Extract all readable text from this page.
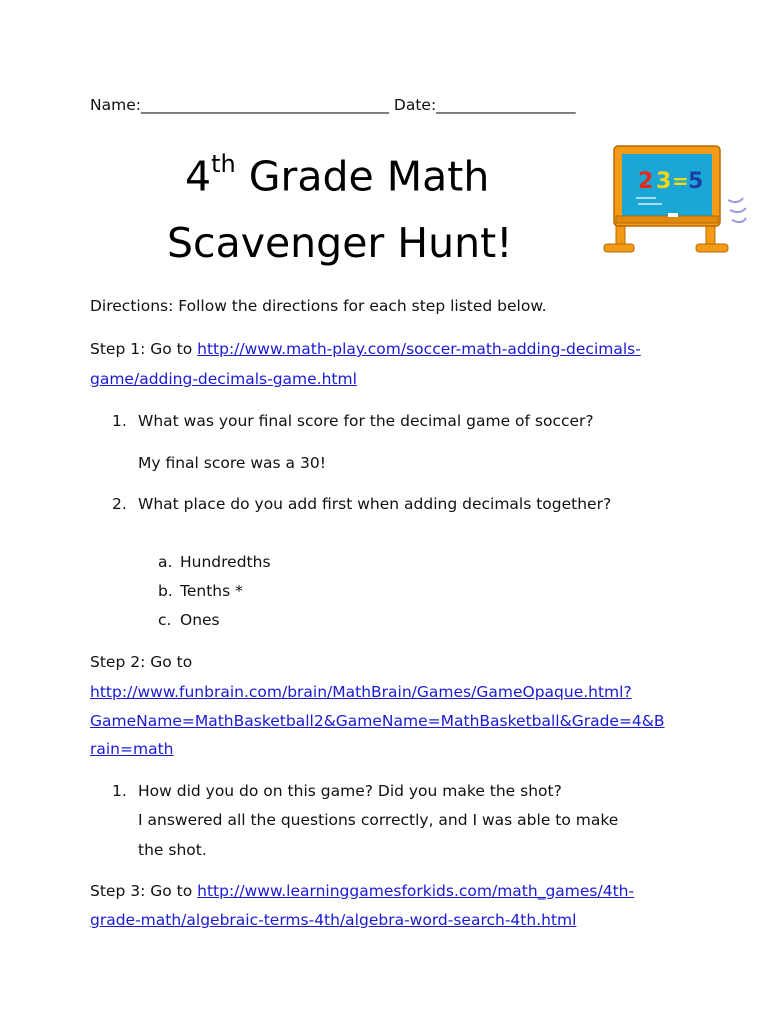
Name:________________________________ Date:__________________
4th Grade Math
Scavenger Hunt!
2 3 = 5
Directions: Follow the directions for each step listed below.
Step 1: Go to http://www.math-play.com/soccer-math-adding-decimals-
game/adding-decimals-game.html
1. What was your final score for the decimal game of soccer?
My final score was a 30!
2. What place do you add first when adding decimals together?
a. Hundredths
b. Tenths *
c. Ones
Step 2: Go to
http://www.funbrain.com/brain/MathBrain/Games/GameOpaque.html?
GameName=MathBasketball2&GameName=MathBasketball&Grade=4&B
rain=math
1. How did you do on this game? Did you make the shot?
I answered all the questions correctly, and I was able to make
the shot.
Step 3: Go to http://www.learninggamesforkids.com/math_games/4th-
grade-math/algebraic-terms-4th/algebra-word-search-4th.html
